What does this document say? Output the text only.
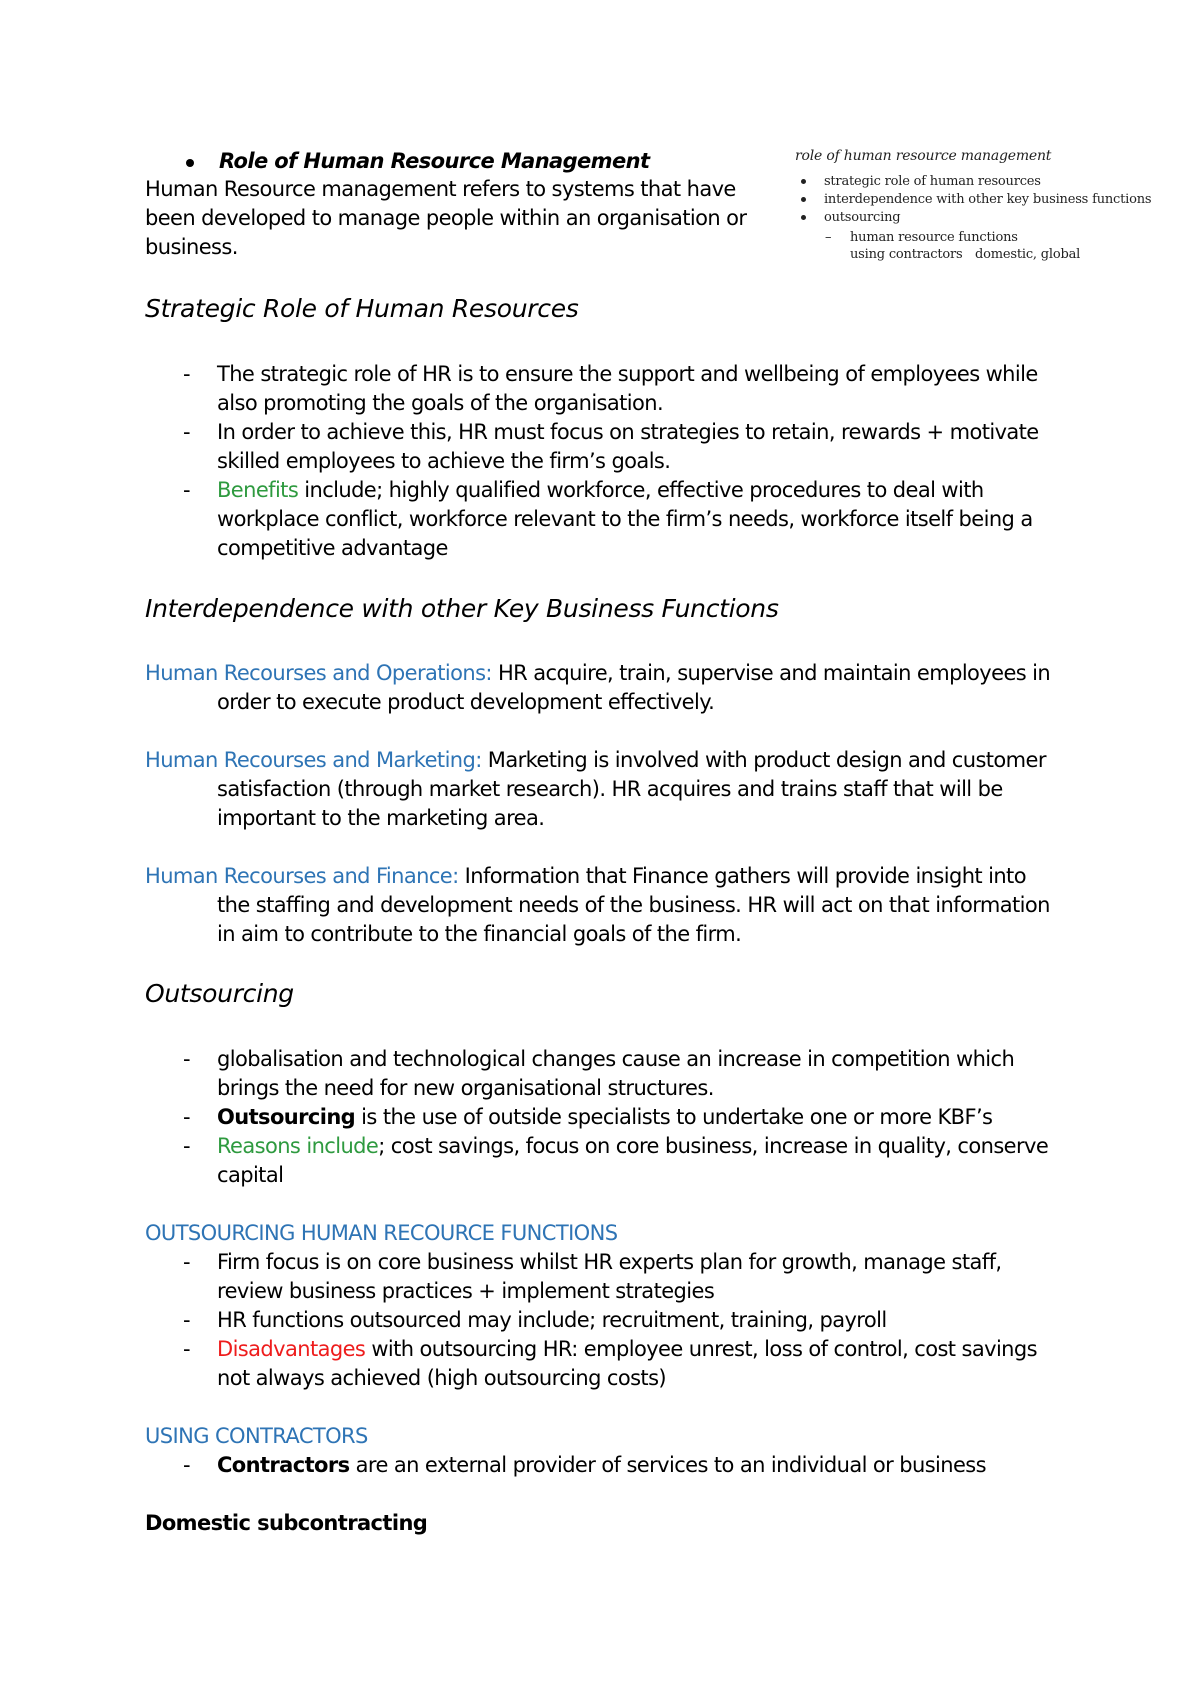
Role of Human Resource Management
Human Resource management refers to systems that have
been developed to manage people within an organisation or
business.
role of human resource management
strategic role of human resources
interdependence with other key business functions
outsourcing
– human resource functions
using contractors domestic, global
Strategic Role of Human Resources
- The strategic role of HR is to ensure the support and wellbeing of employees while
also promoting the goals of the organisation.
- In order to achieve this, HR must focus on strategies to retain, rewards + motivate
skilled employees to achieve the firm’s goals.
- Benefits include; highly qualified workforce, effective procedures to deal with
workplace conflict, workforce relevant to the firm’s needs, workforce itself being a
competitive advantage
Interdependence with other Key Business Functions
Human Recourses and Operations: HR acquire, train, supervise and maintain employees in
order to execute product development effectively.
Human Recourses and Marketing: Marketing is involved with product design and customer
satisfaction (through market research). HR acquires and trains staff that will be
important to the marketing area.
Human Recourses and Finance: Information that Finance gathers will provide insight into
the staffing and development needs of the business. HR will act on that information
in aim to contribute to the financial goals of the firm.
Outsourcing
- globalisation and technological changes cause an increase in competition which
brings the need for new organisational structures.
- Outsourcing is the use of outside specialists to undertake one or more KBF’s
- Reasons include; cost savings, focus on core business, increase in quality, conserve
capital
OUTSOURCING HUMAN RECOURCE FUNCTIONS
- Firm focus is on core business whilst HR experts plan for growth, manage staff,
review business practices + implement strategies
- HR functions outsourced may include; recruitment, training, payroll
- Disadvantages with outsourcing HR: employee unrest, loss of control, cost savings
not always achieved (high outsourcing costs)
USING CONTRACTORS
- Contractors are an external provider of services to an individual or business
Domestic subcontracting
